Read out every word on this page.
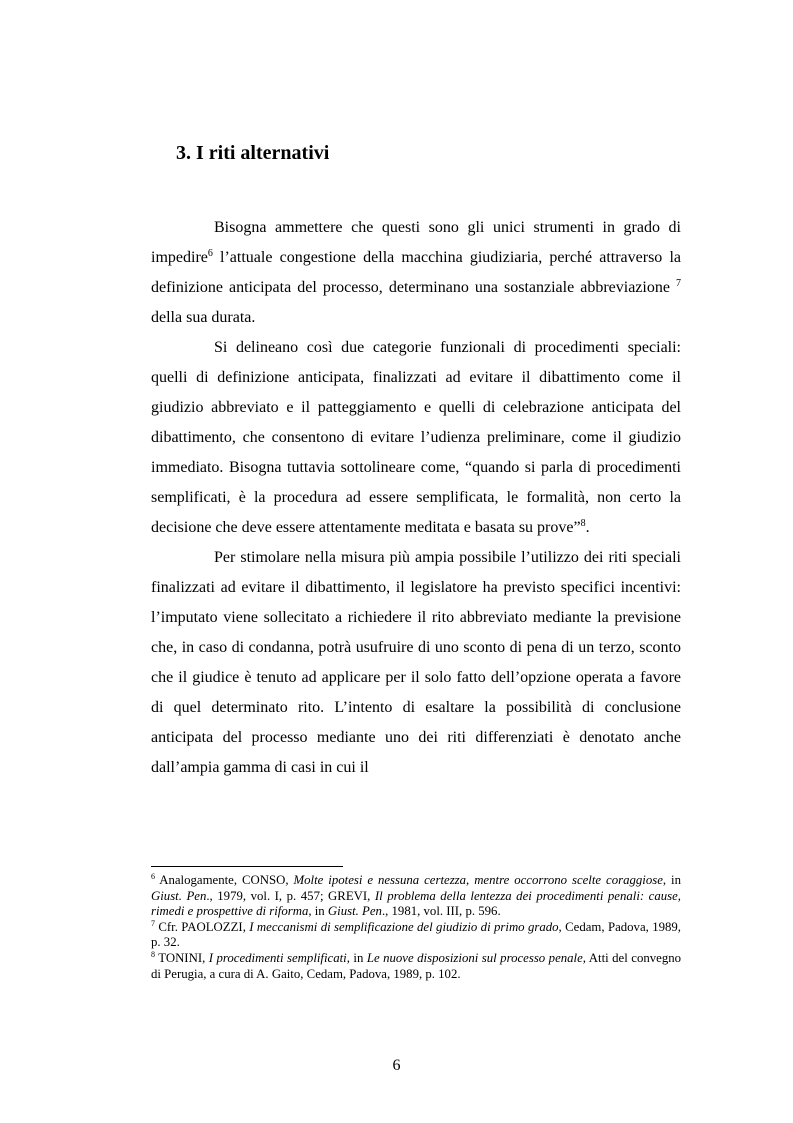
3. I riti alternativi

Bisogna ammettere che questi sono gli unici strumenti in grado di impedire$^6$ l’attuale congestione della macchina giudiziaria, perché attraverso la definizione anticipata del processo, determinano una sostanziale abbreviazione $^7$ della sua durata.

Si delineano così due categorie funzionali di procedimenti speciali: quelli di definizione anticipata, finalizzati ad evitare il dibattimento come il giudizio abbreviato e il patteggiamento e quelli di celebrazione anticipata del dibattimento, che consentono di evitare l’udienza preliminare, come il giudizio immediato. Bisogna tuttavia sottolineare come, “quando si parla di procedimenti semplificati, è la procedura ad essere semplificata, le formalità, non certo la decisione che deve essere attentamente meditata e basata su prove”$^8$.

Per stimolare nella misura più ampia possibile l’utilizzo dei riti speciali finalizzati ad evitare il dibattimento, il legislatore ha previsto specifici incentivi: l’imputato viene sollecitato a richiedere il rito abbreviato mediante la previsione che, in caso di condanna, potrà usufruire di uno sconto di pena di un terzo, sconto che il giudice è tenuto ad applicare per il solo fatto dell’opzione operata a favore di quel determinato rito. L’intento di esaltare la possibilità di conclusione anticipata del processo mediante uno dei riti differenziati è denotato anche dall’ampia gamma di casi in cui il

$^6$ Analogamente, CONSO, Molte ipotesi e nessuna certezza, mentre occorrono scelte coraggiose, in Giust. Pen., 1979, vol. I, p. 457; GREVI, Il problema della lentezza dei procedimenti penali: cause, rimedi e prospettive di riforma, in Giust. Pen., 1981, vol. III, p. 596.

$^7$ Cfr. PAOLOZZI, I meccanismi di semplificazione del giudizio di primo grado, Cedam, Padova, 1989, p. 32.

$^8$ TONINI, I procedimenti semplificati, in Le nuove disposizioni sul processo penale, Atti del convegno di Perugia, a cura di A. Gaito, Cedam, Padova, 1989, p. 102.

6
